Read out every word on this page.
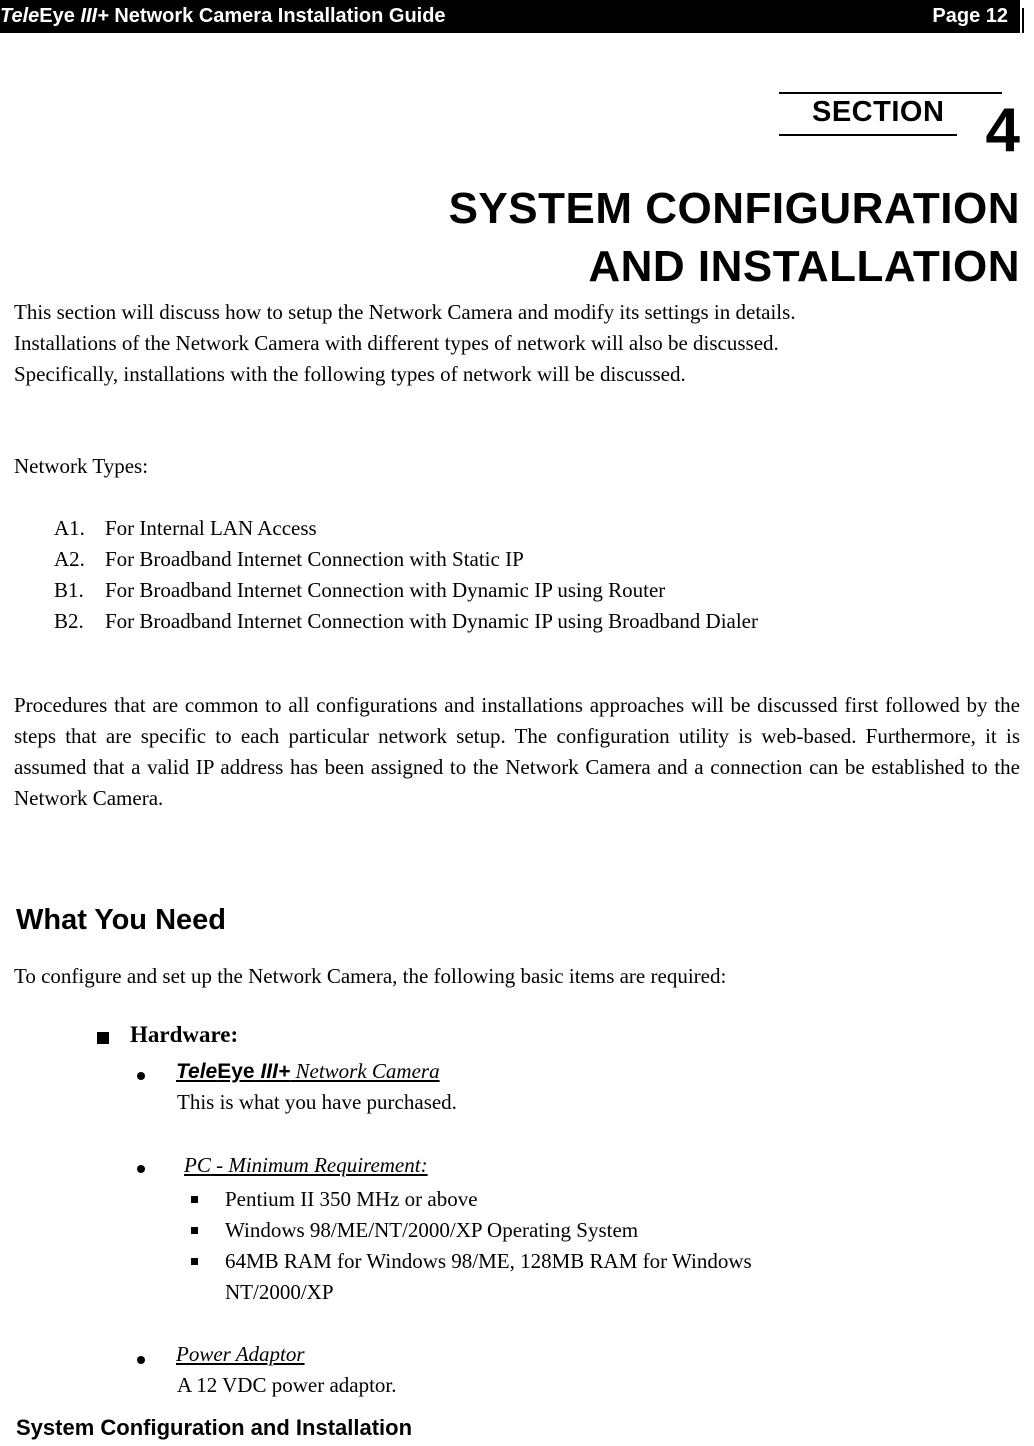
TeleEye III+ Network Camera Installation Guide	Page 12
SECTION 4
SYSTEM CONFIGURATION
AND INSTALLATION
This section will discuss how to setup the Network Camera and modify its settings in details.
Installations of the Network Camera with different types of network will also be discussed.
Specifically, installations with the following types of network will be discussed.
Network Types:
A1. For Internal LAN Access
A2. For Broadband Internet Connection with Static IP
B1. For Broadband Internet Connection with Dynamic IP using Router
B2. For Broadband Internet Connection with Dynamic IP using Broadband Dialer
Procedures that are common to all configurations and installations approaches will be discussed first followed by the steps that are specific to each particular network setup. The configuration utility is web-based. Furthermore, it is assumed that a valid IP address has been assigned to the Network Camera and a connection can be established to the Network Camera.
What You Need
To configure and set up the Network Camera, the following basic items are required:
Hardware:
TeleEye III+ Network Camera
This is what you have purchased.
PC - Minimum Requirement:
Pentium II 350 MHz or above
Windows 98/ME/NT/2000/XP Operating System
64MB RAM for Windows 98/ME, 128MB RAM for Windows
NT/2000/XP
Power Adaptor
A 12 VDC power adaptor.
System Configuration and Installation
